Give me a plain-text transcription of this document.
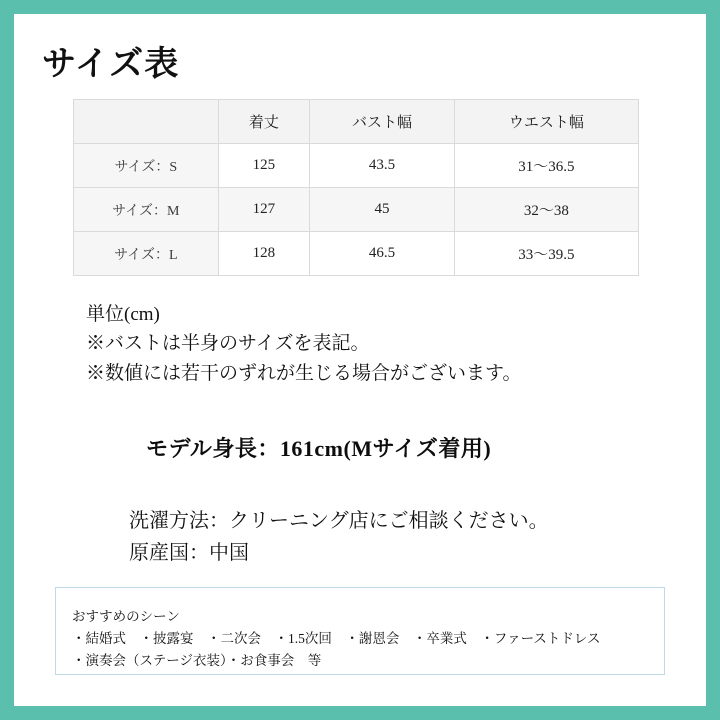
サイズ表
	着丈	バスト幅	ウエスト幅
サイズ：S	125	43.5	31〜36.5
サイズ：M	127	45	32〜38
サイズ：L	128	46.5	33〜39.5
単位(cm)
※バストは半身のサイズを表記。
※数値には若干のずれが生じる場合がございます。
モデル身長：161cm(Mサイズ着用)
洗濯方法：クリーニング店にご相談ください。
原産国：中国
おすすめのシーン
・結婚式　・披露宴　・二次会　・1.5次回　・謝恩会　・卒業式　・ファーストドレス
・演奏会（ステージ衣装）・お食事会　等
